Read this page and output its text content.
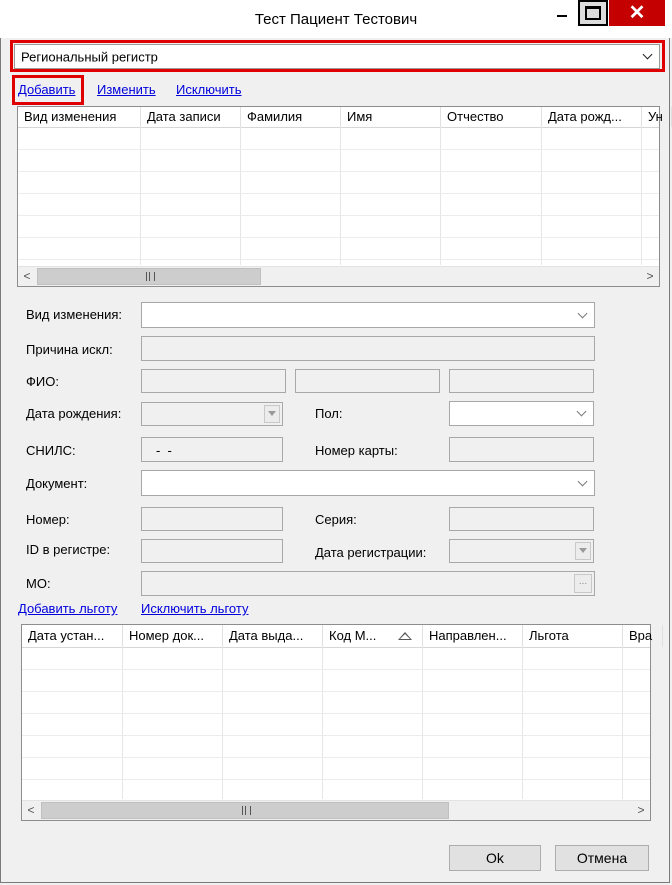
Тест Пациент Тестович	✕
Региональный регистр
Добавить Изменить Исключить
Вид изменения	Дата записи	Фамилия	Имя	Отчество	Дата рожд...	Ун
<	>
Вид изменения:
Причина искл:
ФИО:
Дата рождения:	Пол:
СНИЛС:	-  -	Номер карты:
Документ:
Номер:	Серия:
ID в регистре:	Дата регистрации:
МО:	...
Добавить льготу Исключить льготу
Дата устан...	Номер док...	Дата выда...	Код М...	Направлен...	Льгота	Вра
<	>
Ok	Отмена
